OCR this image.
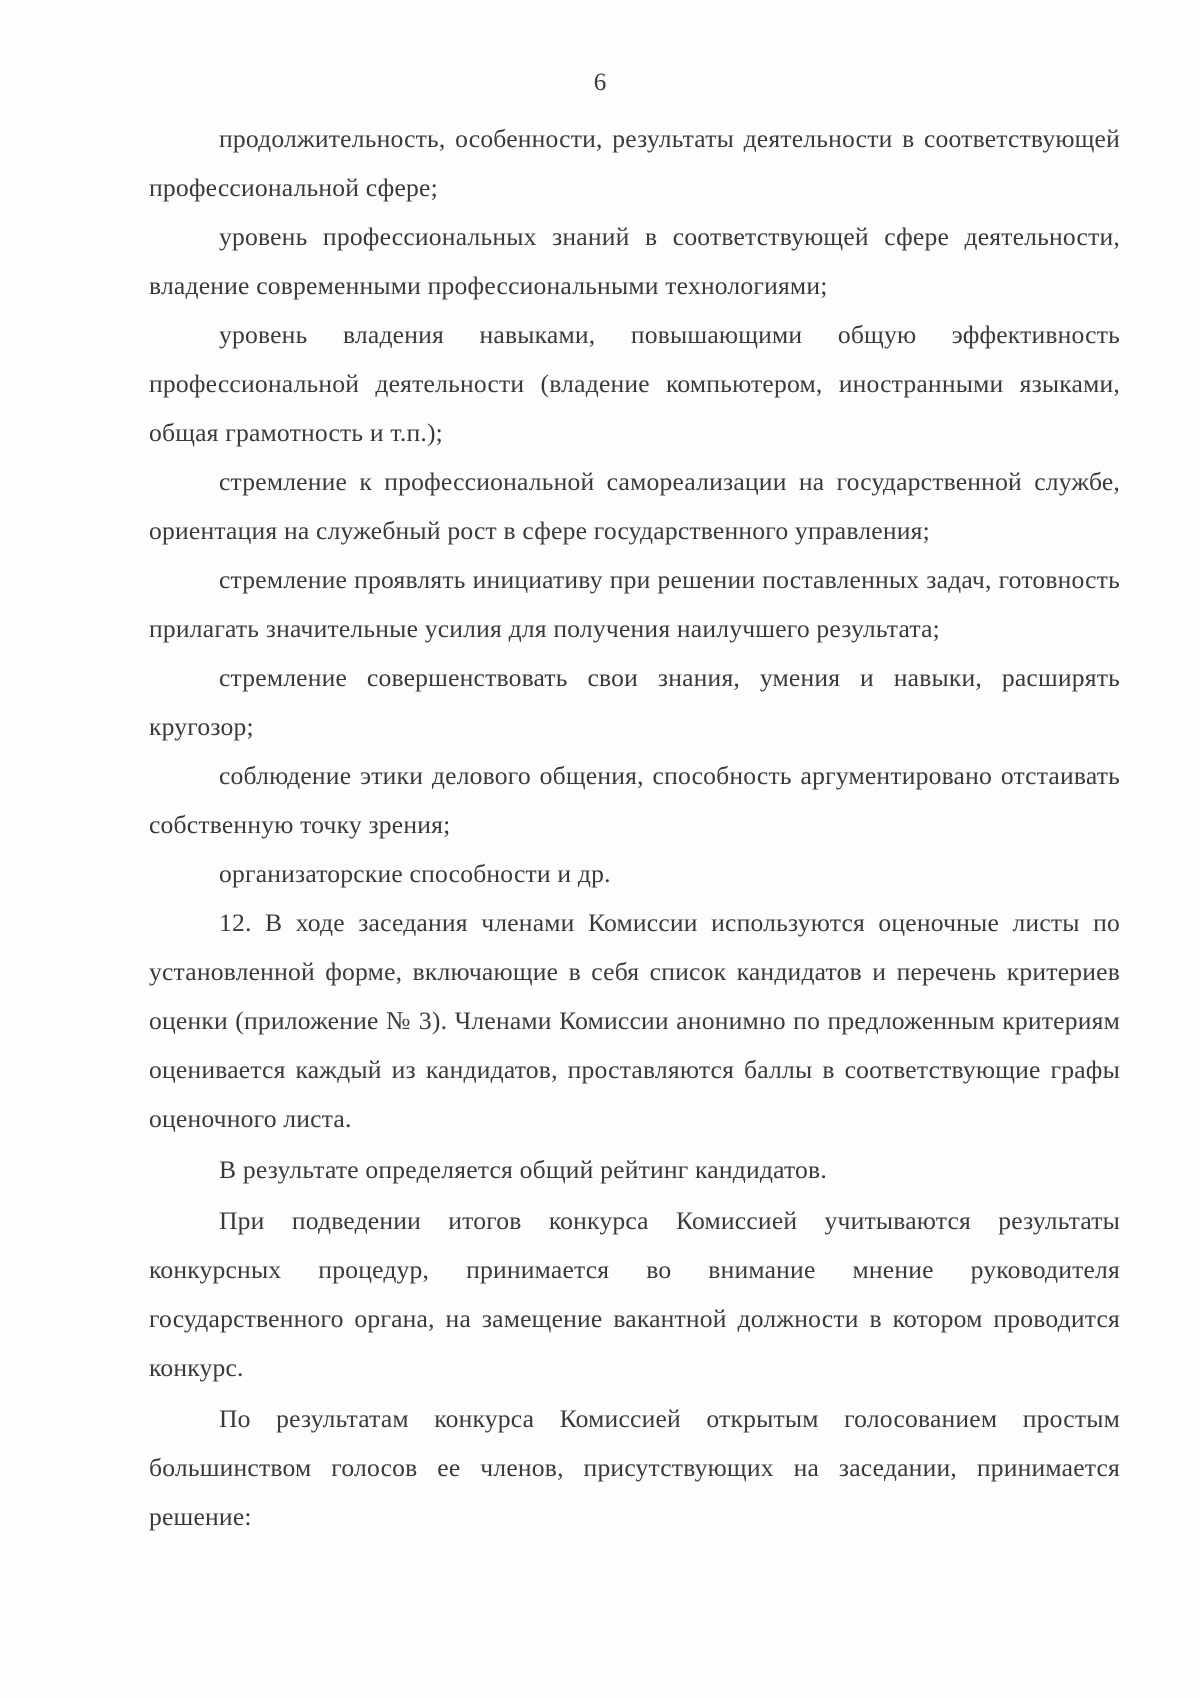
6

продолжительность, особенности, результаты деятельности в соответствующей профессиональной сфере;

уровень профессиональных знаний в соответствующей сфере деятельности, владение современными профессиональными технологиями;

уровень владения навыками, повышающими общую эффективность профессиональной деятельности (владение компьютером, иностранными языками, общая грамотность и т.п.);

стремление к профессиональной самореализации на государственной службе, ориентация на служебный рост в сфере государственного управления;

стремление проявлять инициативу при решении поставленных задач, готовность прилагать значительные усилия для получения наилучшего результата;

стремление совершенствовать свои знания, умения и навыки, расширять кругозор;

соблюдение этики делового общения, способность аргументировано отстаивать собственную точку зрения;

организаторские способности и др.

12. В ходе заседания членами Комиссии используются оценочные листы по установленной форме, включающие в себя список кандидатов и перечень критериев оценки (приложение № 3). Членами Комиссии анонимно по предложенным критериям оценивается каждый из кандидатов, проставляются баллы в соответствующие графы оценочного листа.

В результате определяется общий рейтинг кандидатов.

При подведении итогов конкурса Комиссией учитываются результаты конкурсных процедур, принимается во внимание мнение руководителя государственного органа, на замещение вакантной должности в котором проводится конкурс.

По результатам конкурса Комиссией открытым голосованием простым большинством голосов ее членов, присутствующих на заседании, принимается решение:
